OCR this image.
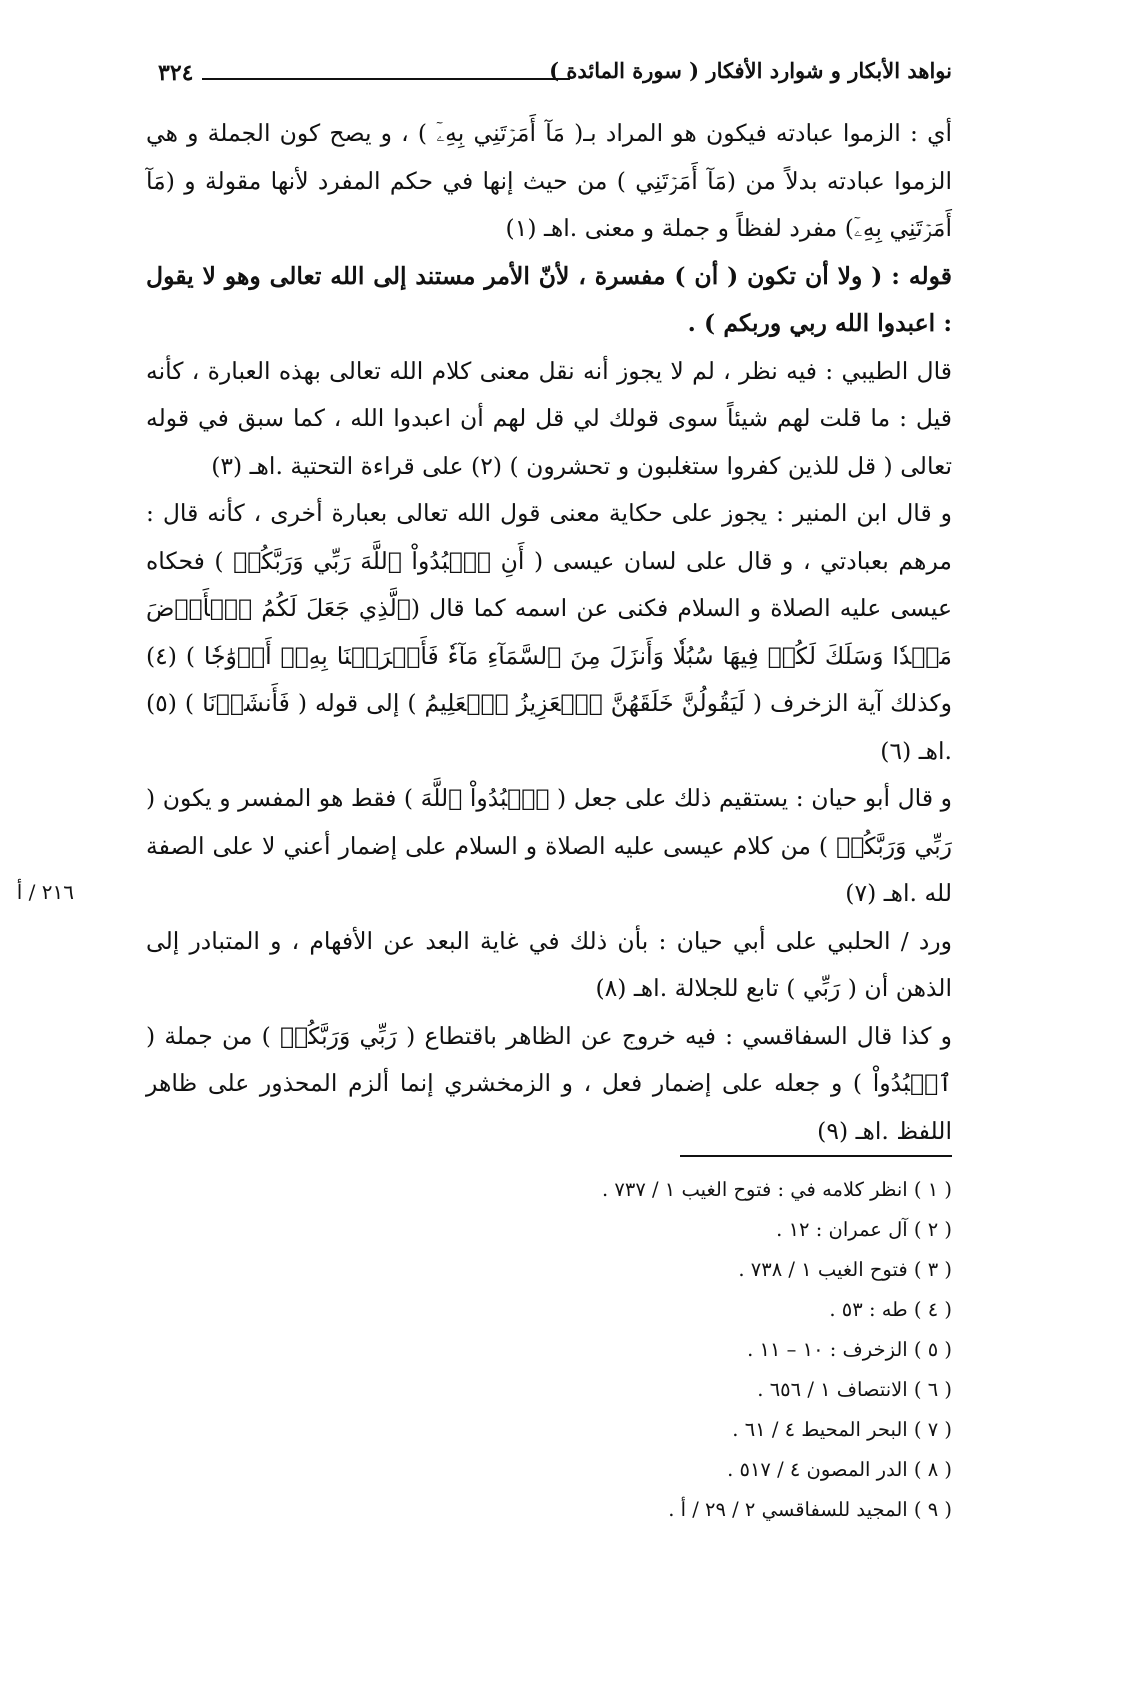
٣٢٤	نواهد الأبكار و شوارد الأفكار ( سورة المائدة )

أي : الزموا عبادته فيكون هو المراد بـ( مَآ أَمَرۡتَنِي بِهِۦٓ ) ، و يصح كون الجملة و هي الزموا عبادته بدلاً من (مَآ أَمَرۡتَنِي ) من حيث إنها في حكم المفرد لأنها مقولة و (مَآ أَمَرۡتَنِي بِهِۦٓ) مفرد لفظاً و جملة و معنى .اهـ (١)

قوله : ( ولا أن تكون ( أن ) مفسرة ، لأنّ الأمر مستند إلى الله تعالى وهو لا يقول : اعبدوا الله ربي وربكم ) .

قال الطيبي : فيه نظر ، لم لا يجوز أنه نقل معنى كلام الله تعالى بهذه العبارة ، كأنه قيل : ما قلت لهم شيئاً سوى قولك لي قل لهم أن اعبدوا الله ، كما سبق في قوله تعالى ( قل للذين كفروا ستغلبون و تحشرون ) (٢) على قراءة التحتية .اهـ (٣)

و قال ابن المنير : يجوز على حكاية معنى قول الله تعالى بعبارة أخرى ، كأنه قال : مرهم بعبادتي ، و قال على لسان عيسى ( أَنِ ٱعۡبُدُواْ ٱللَّهَ رَبِّي وَرَبَّكُمۡ ) فحكاه عيسى عليه الصلاة و السلام فكنى عن اسمه كما قال (ٱلَّذِي جَعَلَ لَكُمُ ٱلۡأَرۡضَ مَهۡدٗا وَسَلَكَ لَكُمۡ فِيهَا سُبُلٗا وَأَنزَلَ مِنَ ٱلسَّمَآءِ مَآءٗ فَأَخۡرَجۡنَا بِهِۦٓ أَزۡوَٰجٗا ) (٤) وكذلك آية الزخرف ( لَيَقُولُنَّ خَلَقَهُنَّ ٱلۡعَزِيزُ ٱلۡعَلِيمُ ) إلى قوله ( فَأَنشَرۡنَا ) (٥) .اهـ (٦)

و قال أبو حيان : يستقيم ذلك على جعل ( ٱعۡبُدُواْ ٱللَّهَ ) فقط هو المفسر و يكون ( رَبِّي وَرَبَّكُمۡ ) من كلام عيسى عليه الصلاة و السلام على إضمار أعني لا على الصفة لله .اهـ (٧)

ورد / الحلبي على أبي حيان : بأن ذلك في غاية البعد عن الأفهام ، و المتبادر إلى الذهن أن ( رَبِّي ) تابع للجلالة .اهـ (٨)

و كذا قال السفاقسي : فيه خروج عن الظاهر باقتطاع ( رَبِّي وَرَبَّكُمۡ ) من جملة ( ٱعۡبُدُواْ ) و جعله على إضمار فعل ، و الزمخشري إنما ألزم المحذور على ظاهر اللفظ .اهـ (٩)

٢١٦ / أ

( ١ ) انظر كلامه في : فتوح الغيب ١ / ٧٣٧ .

( ٢ ) آل عمران : ١٢ .

( ٣ ) فتوح الغيب ١ / ٧٣٨ .

( ٤ ) طه : ٥٣ .

( ٥ ) الزخرف : ١٠ – ١١ .

( ٦ ) الانتصاف ١ / ٦٥٦ .

( ٧ ) البحر المحيط ٤ / ٦١ .

( ٨ ) الدر المصون ٤ / ٥١٧ .

( ٩ ) المجيد للسفاقسي ٢ / ٢٩ / أ .
